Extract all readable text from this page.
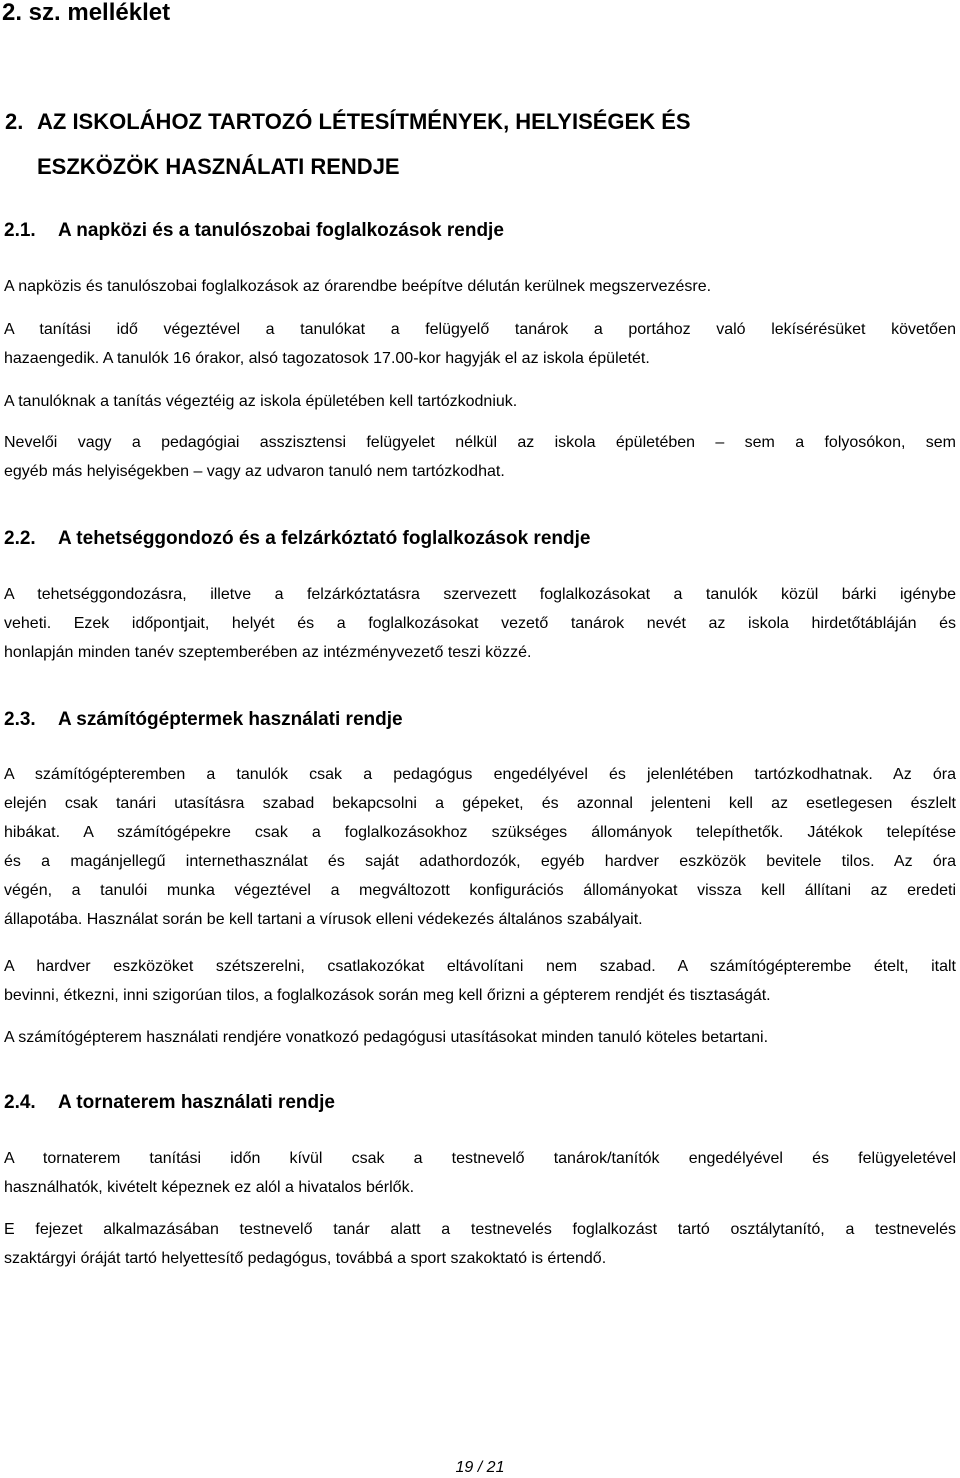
2. sz. melléklet
2. AZ ISKOLÁHOZ TARTOZÓ LÉTESÍTMÉNYEK, HELYISÉGEK ÉS
ESZKÖZÖK HASZNÁLATI RENDJE
2.1. A napközi és a tanulószobai foglalkozások rendje

A napközis és tanulószobai foglalkozások az órarendbe beépítve délután kerülnek megszervezésre.

A tanítási idő végeztével a tanulókat a felügyelő tanárok a portához való lekísérésüket követően
hazaengedik. A tanulók 16 órakor, alsó tagozatosok 17.00-kor hagyják el az iskola épületét.

A tanulóknak a tanítás végeztéig az iskola épületében kell tartózkodniuk.

Nevelői vagy a pedagógiai asszisztensi felügyelet nélkül az iskola épületében – sem a folyosókon, sem
egyéb más helyiségekben – vagy az udvaron tanuló nem tartózkodhat.

2.2. A tehetséggondozó és a felzárkóztató foglalkozások rendje

A tehetséggondozásra, illetve a felzárkóztatásra szervezett foglalkozásokat a tanulók közül bárki igénybe
veheti. Ezek időpontjait, helyét és a foglalkozásokat vezető tanárok nevét az iskola hirdetőtábláján és
honlapján minden tanév szeptemberében az intézményvezető teszi közzé.

2.3. A számítógéptermek használati rendje

A számítógépteremben a tanulók csak a pedagógus engedélyével és jelenlétében tartózkodhatnak. Az óra
elején csak tanári utasításra szabad bekapcsolni a gépeket, és azonnal jelenteni kell az esetlegesen észlelt
hibákat. A számítógépekre csak a foglalkozásokhoz szükséges állományok telepíthetők. Játékok telepítése
és a magánjellegű internethasználat és saját adathordozók, egyéb hardver eszközök bevitele tilos. Az óra
végén, a tanulói munka végeztével a megváltozott konfigurációs állományokat vissza kell állítani az eredeti
állapotába. Használat során be kell tartani a vírusok elleni védekezés általános szabályait.

A hardver eszközöket szétszerelni, csatlakozókat eltávolítani nem szabad. A számítógépterembe ételt, italt
bevinni, étkezni, inni szigorúan tilos, a foglalkozások során meg kell őrizni a gépterem rendjét és tisztaságát.

A számítógépterem használati rendjére vonatkozó pedagógusi utasításokat minden tanuló köteles betartani.

2.4. A tornaterem használati rendje

A tornaterem tanítási időn kívül csak a testnevelő tanárok/tanítók engedélyével és felügyeletével
használhatók, kivételt képeznek ez alól a hivatalos bérlők.

E fejezet alkalmazásában testnevelő tanár alatt a testnevelés foglalkozást tartó osztálytanító, a testnevelés
szaktárgyi óráját tartó helyettesítő pedagógus, továbbá a sport szakoktató is értendő.

19 / 21
